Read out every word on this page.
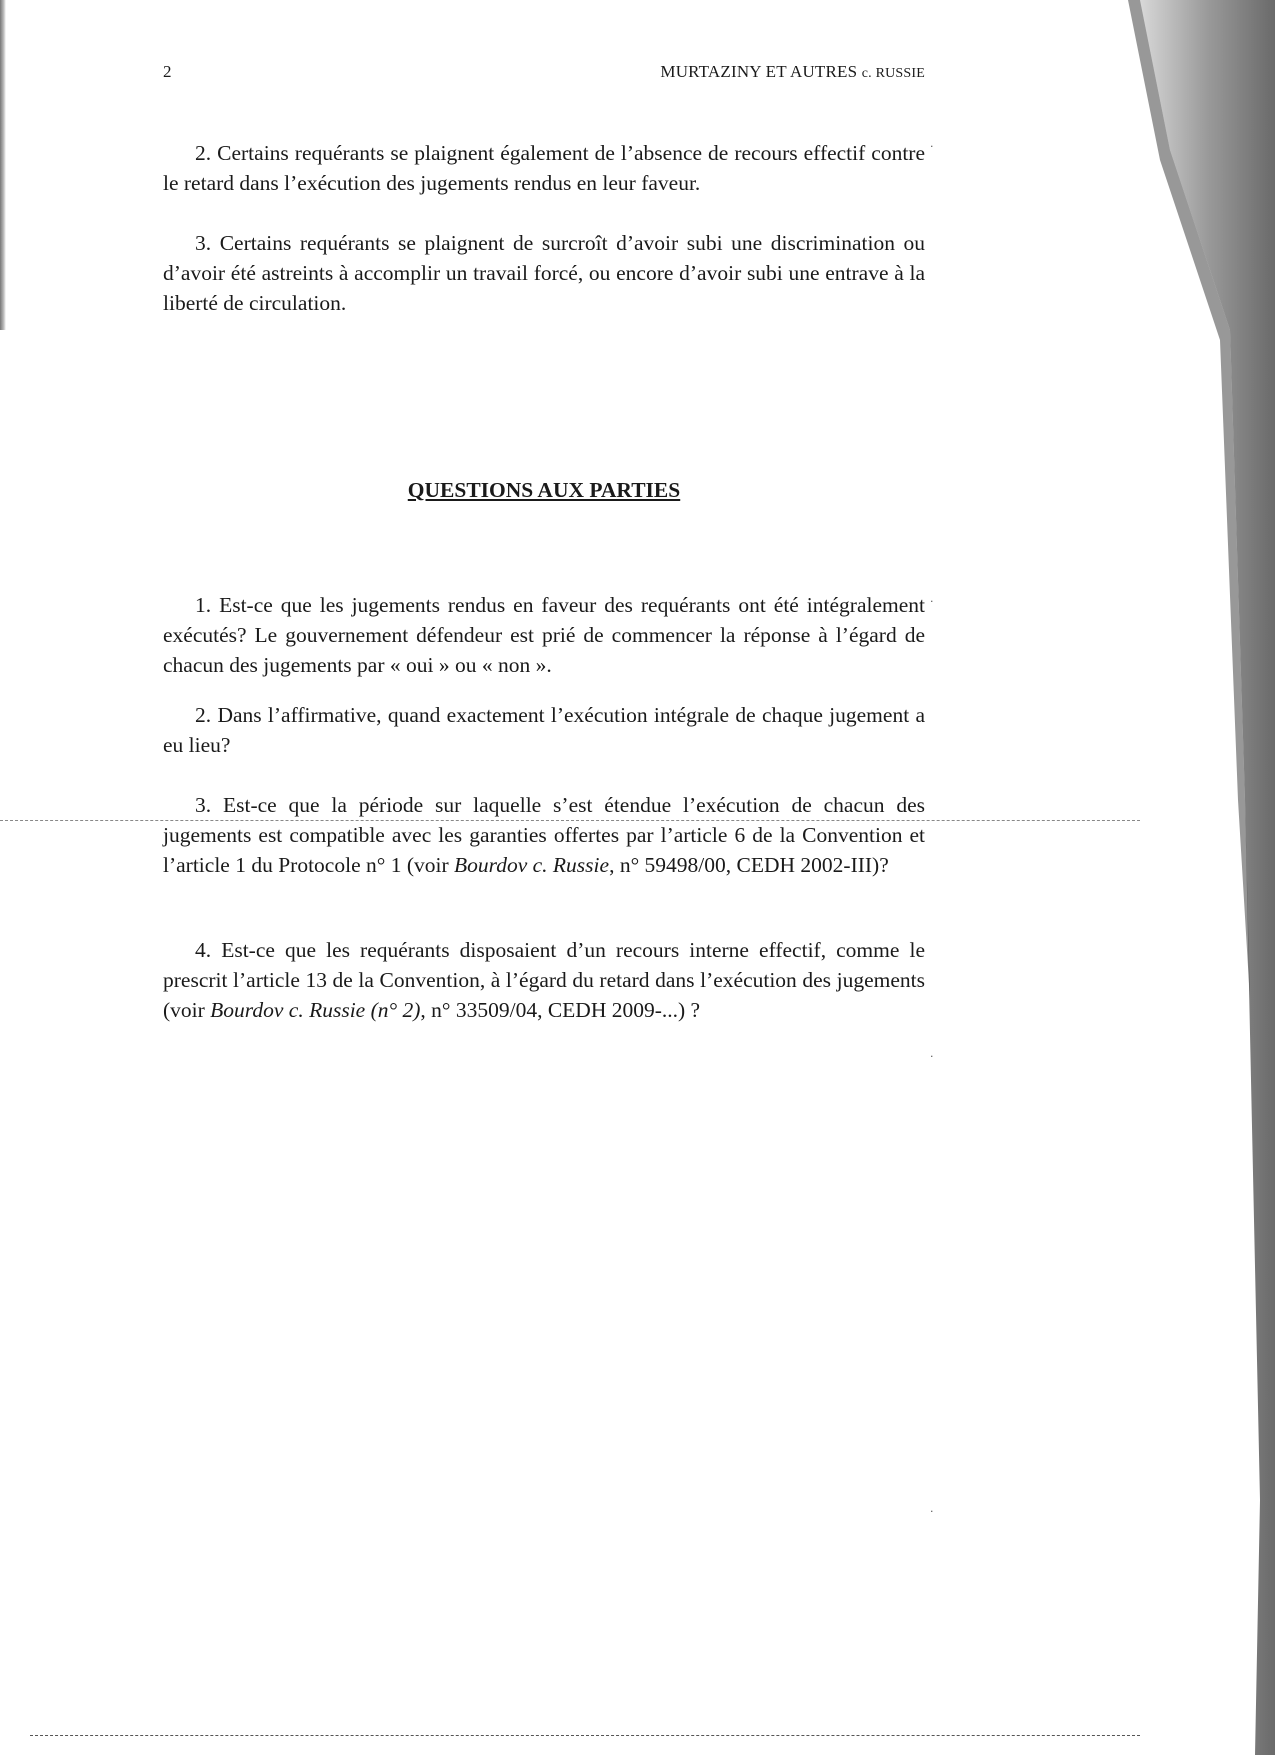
2	MURTAZINY ET AUTRES c. RUSSIE

2. Certains requérants se plaignent également de l’absence de recours effectif contre le retard dans l’exécution des jugements rendus en leur faveur.

3. Certains requérants se plaignent de surcroît d’avoir subi une discrimination ou d’avoir été astreints à accomplir un travail forcé, ou encore d’avoir subi une entrave à la liberté de circulation.

QUESTIONS AUX PARTIES

1. Est-ce que les jugements rendus en faveur des requérants ont été intégralement exécutés? Le gouvernement défendeur est prié de commencer la réponse à l’égard de chacun des jugements par « oui » ou « non ».

2. Dans l’affirmative, quand exactement l’exécution intégrale de chaque jugement a eu lieu?

3. Est-ce que la période sur laquelle s’est étendue l’exécution de chacun des jugements est compatible avec les garanties offertes par l’article 6 de la Convention et l’article 1 du Protocole n° 1 (voir Bourdov c. Russie, n° 59498/00, CEDH 2002-III)?

4. Est-ce que les requérants disposaient d’un recours interne effectif, comme le prescrit l’article 13 de la Convention, à l’égard du retard dans l’exécution des jugements (voir Bourdov c. Russie (n° 2), n° 33509/04, CEDH 2009-...) ?

·
·
·
·
